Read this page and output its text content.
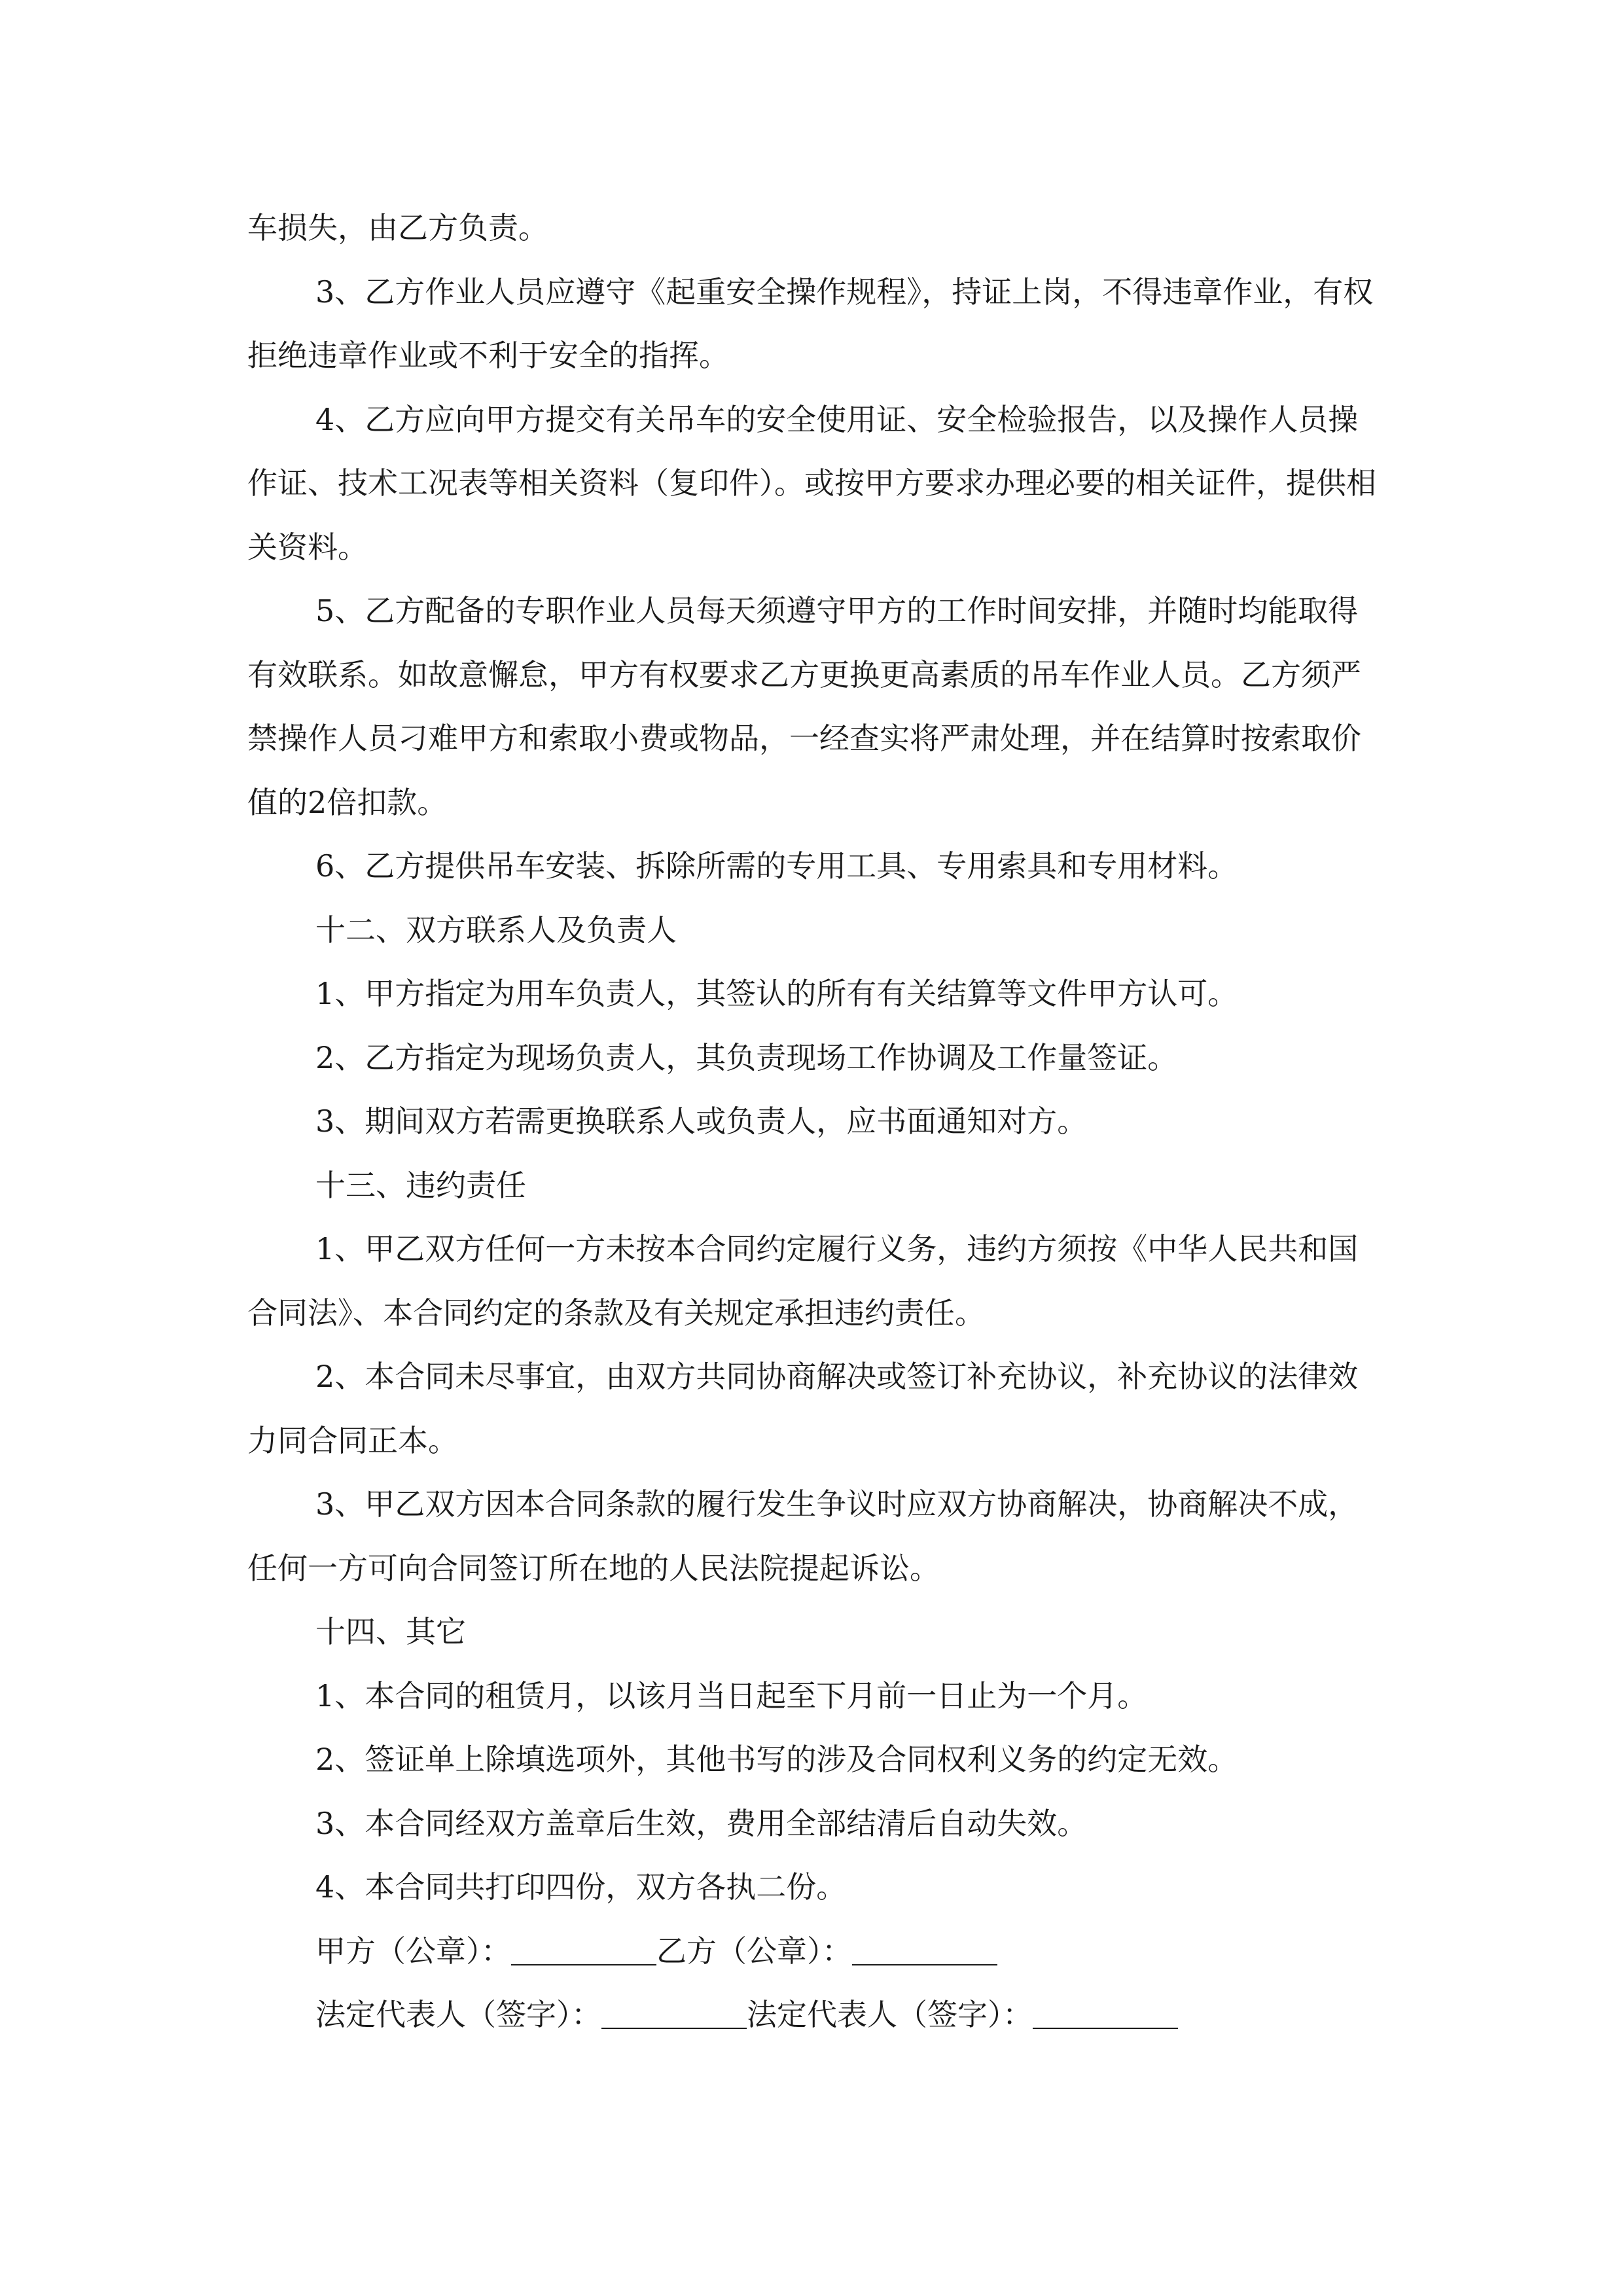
车损失，由乙方负责。

3、乙方作业人员应遵守《起重安全操作规程》，持证上岗，不得违章作业，有权拒绝违章作业或不利于安全的指挥。

4、乙方应向甲方提交有关吊车的安全使用证、安全检验报告，以及操作人员操作证、技术工况表等相关资料（复印件）。或按甲方要求办理必要的相关证件，提供相关资料。

5、乙方配备的专职作业人员每天须遵守甲方的工作时间安排，并随时均能取得有效联系。如故意懈怠，甲方有权要求乙方更换更高素质的吊车作业人员。乙方须严禁操作人员刁难甲方和索取小费或物品，一经查实将严肃处理，并在结算时按索取价值的2倍扣款。

6、乙方提供吊车安装、拆除所需的专用工具、专用索具和专用材料。

十二、双方联系人及负责人

1、甲方指定为用车负责人，其签认的所有有关结算等文件甲方认可。

2、乙方指定为现场负责人，其负责现场工作协调及工作量签证。

3、期间双方若需更换联系人或负责人，应书面通知对方。

十三、违约责任

1、甲乙双方任何一方未按本合同约定履行义务，违约方须按《中华人民共和国合同法》、本合同约定的条款及有关规定承担违约责任。

2、本合同未尽事宜，由双方共同协商解决或签订补充协议，补充协议的法律效力同合同正本。

3、甲乙双方因本合同条款的履行发生争议时应双方协商解决，协商解决不成，任何一方可向合同签订所在地的人民法院提起诉讼。

十四、其它

1、本合同的租赁月，以该月当日起至下月前一日止为一个月。

2、签证单上除填选项外，其他书写的涉及合同权利义务的约定无效。

3、本合同经双方盖章后生效，费用全部结清后自动失效。

4、本合同共打印四份，双方各执二份。

甲方（公章）：	乙方（公章）：

法定代表人（签字）：	法定代表人（签字）：
